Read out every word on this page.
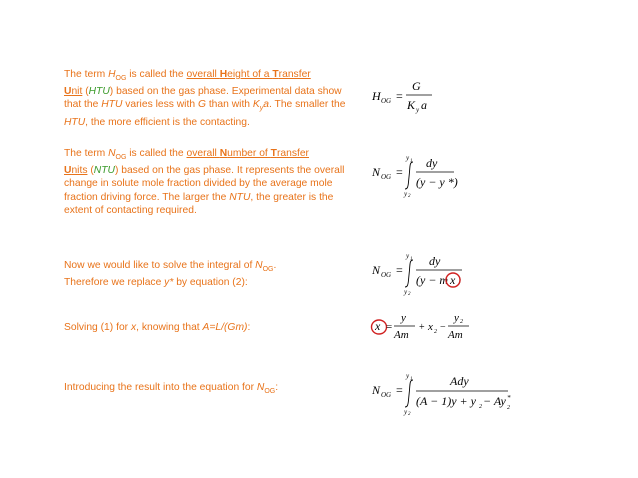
The term $H_{OG}$ is called the overall Height of a Transfer
Unit (HTU) based on the gas phase. Experimental data show that the HTU varies less with G than with $K_ya$. The smaller the HTU, the more efficient is the contacting.
The term $N_{OG}$ is called the overall Number of Transfer
Units (NTU) based on the gas phase. It represents the overall change in solute mole fraction divided by the average mole fraction driving force. The larger the NTU, the greater is the extent of contacting required.
Now we would like to solve the integral of $N_{OG}$.
Therefore we replace y* by equation (2):
Solving (1) for x, knowing that A=L/(Gm):
Introducing the result into the equation for $N_{OG}$:
H OG =
G
K y a
N OG =
y 1
y 2
dy
(y − y *)
N OG =
y 1
y 2
dy
(y − m x )
x =
y
Am
+ x 2 −
y 2
Am
N OG =
y 1
y 2
Ady
(A − 1)y + y 2 − Ay *
2
